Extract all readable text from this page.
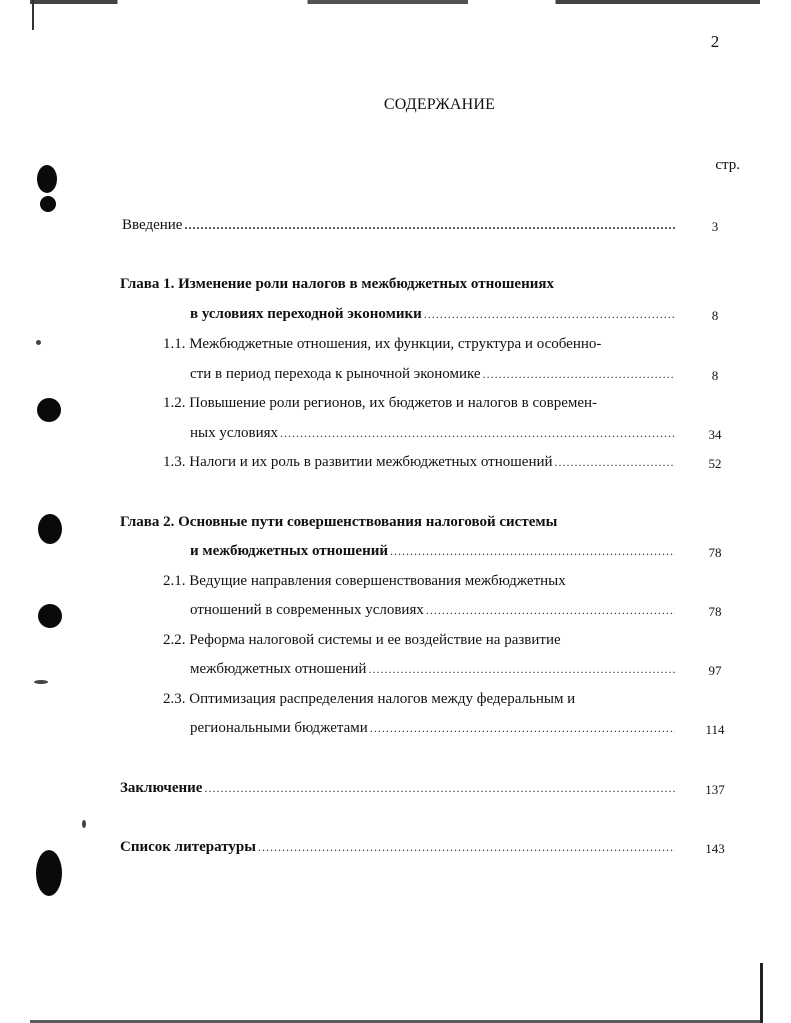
2
СОДЕРЖАНИЕ
стр.
Введение .....	3
Глава 1. Изменение роли налогов в межбюджетных отношениях
в условиях переходной экономики .....	8
1.1. Межбюджетные отношения, их функции, структура и особенно-
сти в период перехода к рыночной экономике .....	8
1.2. Повышение роли регионов, их бюджетов и налогов в современ-
ных условиях .....	34
1.3. Налоги и их роль в развитии межбюджетных отношений .....	52
Глава 2. Основные пути совершенствования налоговой системы
и межбюджетных отношений .....	78
2.1. Ведущие направления совершенствования межбюджетных
отношений в современных условиях .....	78
2.2. Реформа налоговой системы и ее воздействие на развитие
межбюджетных отношений .....	97
2.3. Оптимизация распределения налогов между федеральным и
региональными бюджетами .....	114
Заключение .....	137
Список литературы .....	143
